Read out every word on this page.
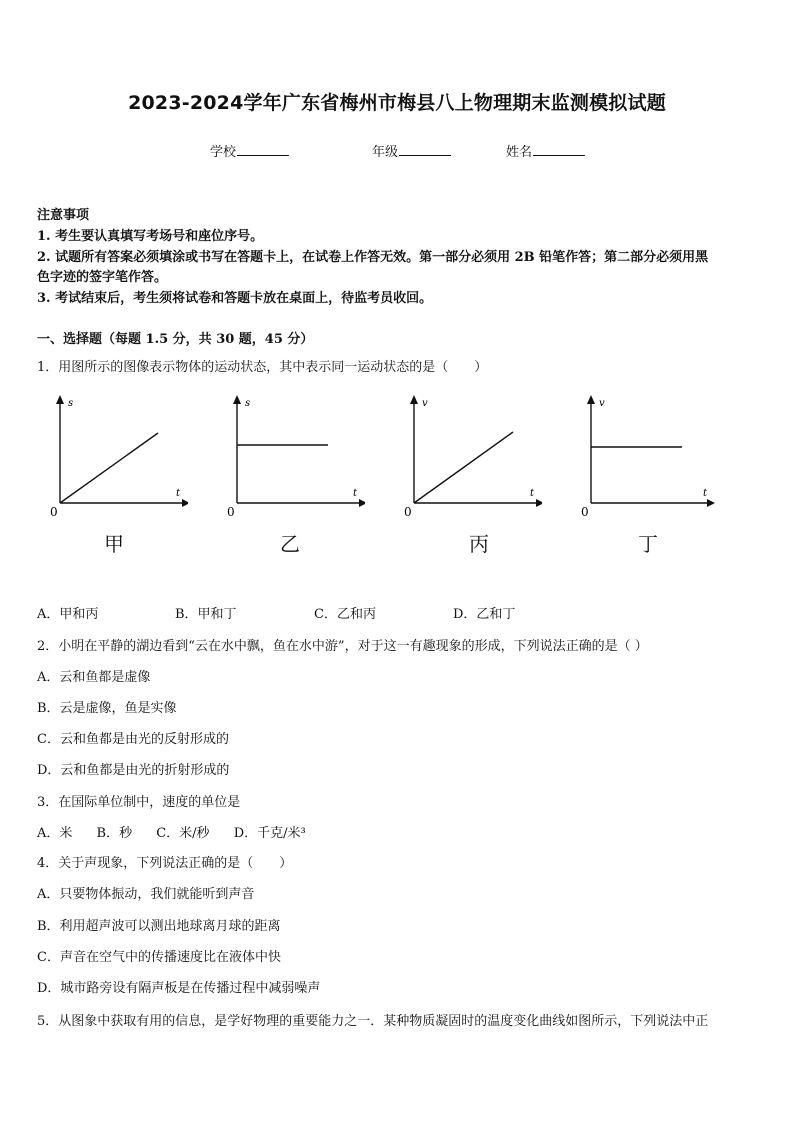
2023-2024学年广东省梅州市梅县八上物理期末监测模拟试题
学校	年级	姓名
注意事项
1. 考生要认真填写考场号和座位序号。
2. 试题所有答案必须填涂或书写在答题卡上，在试卷上作答无效。第一部分必须用 2B 铅笔作答；第二部分必须用黑
色字迹的签字笔作答。
3. 考试结束后，考生须将试卷和答题卡放在桌面上，待监考员收回。
一、选择题（每题 1.5 分，共 30 题，45 分）
1．用图所示的图像表示物体的运动状态，其中表示同一运动状态的是（　　）
s
t
0
甲
s
t
0
乙
v
t
0
丙
v
t
0
丁
A．甲和丙	B．甲和丁	C．乙和丙	D．乙和丁
2．小明在平静的湖边看到“云在水中飘，鱼在水中游”，对于这一有趣现象的形成，下列说法正确的是（ ）
A．云和鱼都是虚像
B．云是虚像，鱼是实像
C．云和鱼都是由光的反射形成的
D．云和鱼都是由光的折射形成的
3．在国际单位制中，速度的单位是
A．米 B．秒 C．米/秒 D．千克/米³
4．关于声现象，下列说法正确的是（　　）
A．只要物体振动，我们就能听到声音
B．利用超声波可以测出地球离月球的距离
C．声音在空气中的传播速度比在液体中快
D．城市路旁设有隔声板是在传播过程中减弱噪声
5．从图象中获取有用的信息，是学好物理的重要能力之一．某种物质凝固时的温度变化曲线如图所示，下列说法中正
